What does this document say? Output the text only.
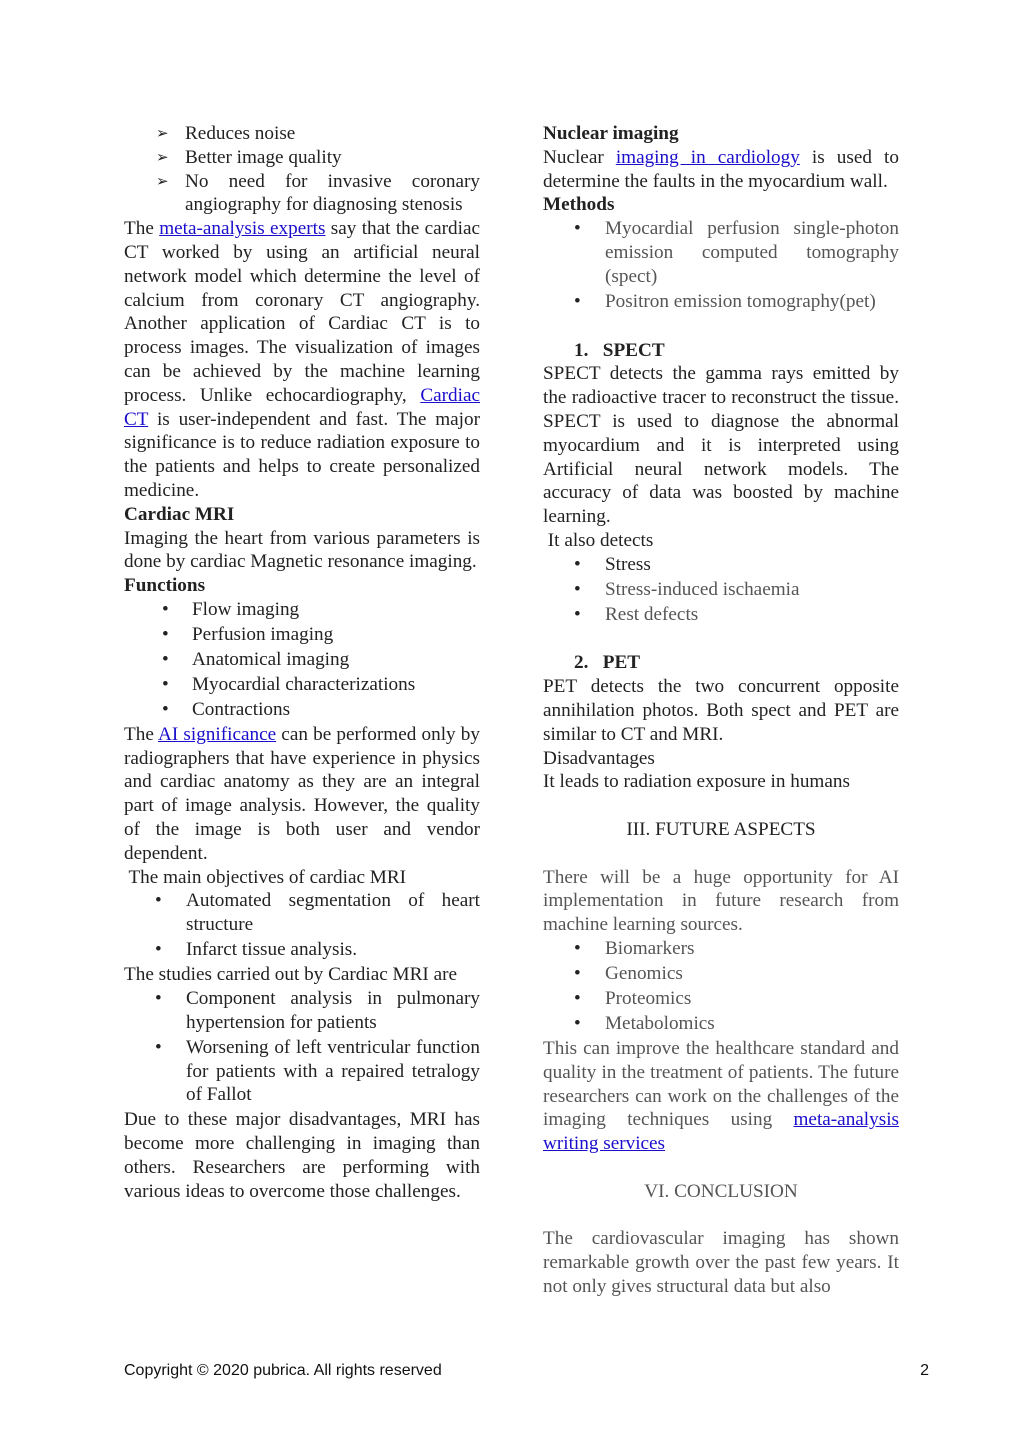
➢ Reduces noise
➢ Better image quality
➢ No need for invasive coronary angiography for diagnosing stenosis

The meta-analysis experts say that the cardiac CT worked by using an artificial neural network model which determine the level of calcium from coronary CT angiography. Another application of Cardiac CT is to process images. The visualization of images can be achieved by the machine learning process. Unlike echocardiography, Cardiac CT is user-independent and fast. The major significance is to reduce radiation exposure to the patients and helps to create personalized medicine.

Cardiac MRI

Imaging the heart from various parameters is done by cardiac Magnetic resonance imaging.

Functions

• Flow imaging
• Perfusion imaging
• Anatomical imaging
• Myocardial characterizations
• Contractions

The AI significance can be performed only by radiographers that have experience in physics and cardiac anatomy as they are an integral part of image analysis. However, the quality of the image is both user and vendor dependent.

The main objectives of cardiac MRI

• Automated segmentation of heart structure
• Infarct tissue analysis.

The studies carried out by Cardiac MRI are

• Component analysis in pulmonary hypertension for patients
• Worsening of left ventricular function for patients with a repaired tetralogy of Fallot

Due to these major disadvantages, MRI has become more challenging in imaging than others. Researchers are performing with various ideas to overcome those challenges.

Nuclear imaging

Nuclear imaging in cardiology is used to determine the faults in the myocardium wall.

Methods

• Myocardial perfusion single-photon emission computed tomography (spect)
• Positron emission tomography(pet)

1.   SPECT

SPECT detects the gamma rays emitted by the radioactive tracer to reconstruct the tissue. SPECT is used to diagnose the abnormal myocardium and it is interpreted using Artificial neural network models. The accuracy of data was boosted by machine learning.

It also detects

• Stress
• Stress-induced ischaemia
• Rest defects

2.   PET

PET detects the two concurrent opposite annihilation photos. Both spect and PET are similar to CT and MRI.

Disadvantages

It leads to radiation exposure in humans

III. FUTURE ASPECTS

There will be a huge opportunity for AI implementation in future research from machine learning sources.

• Biomarkers
• Genomics
• Proteomics
• Metabolomics

This can improve the healthcare standard and quality in the treatment of patients. The future researchers can work on the challenges of the imaging techniques using meta-analysis writing services

VI. CONCLUSION

The cardiovascular imaging has shown remarkable growth over the past few years. It not only gives structural data but also

Copyright © 2020 pubrica. All rights reserved	2
